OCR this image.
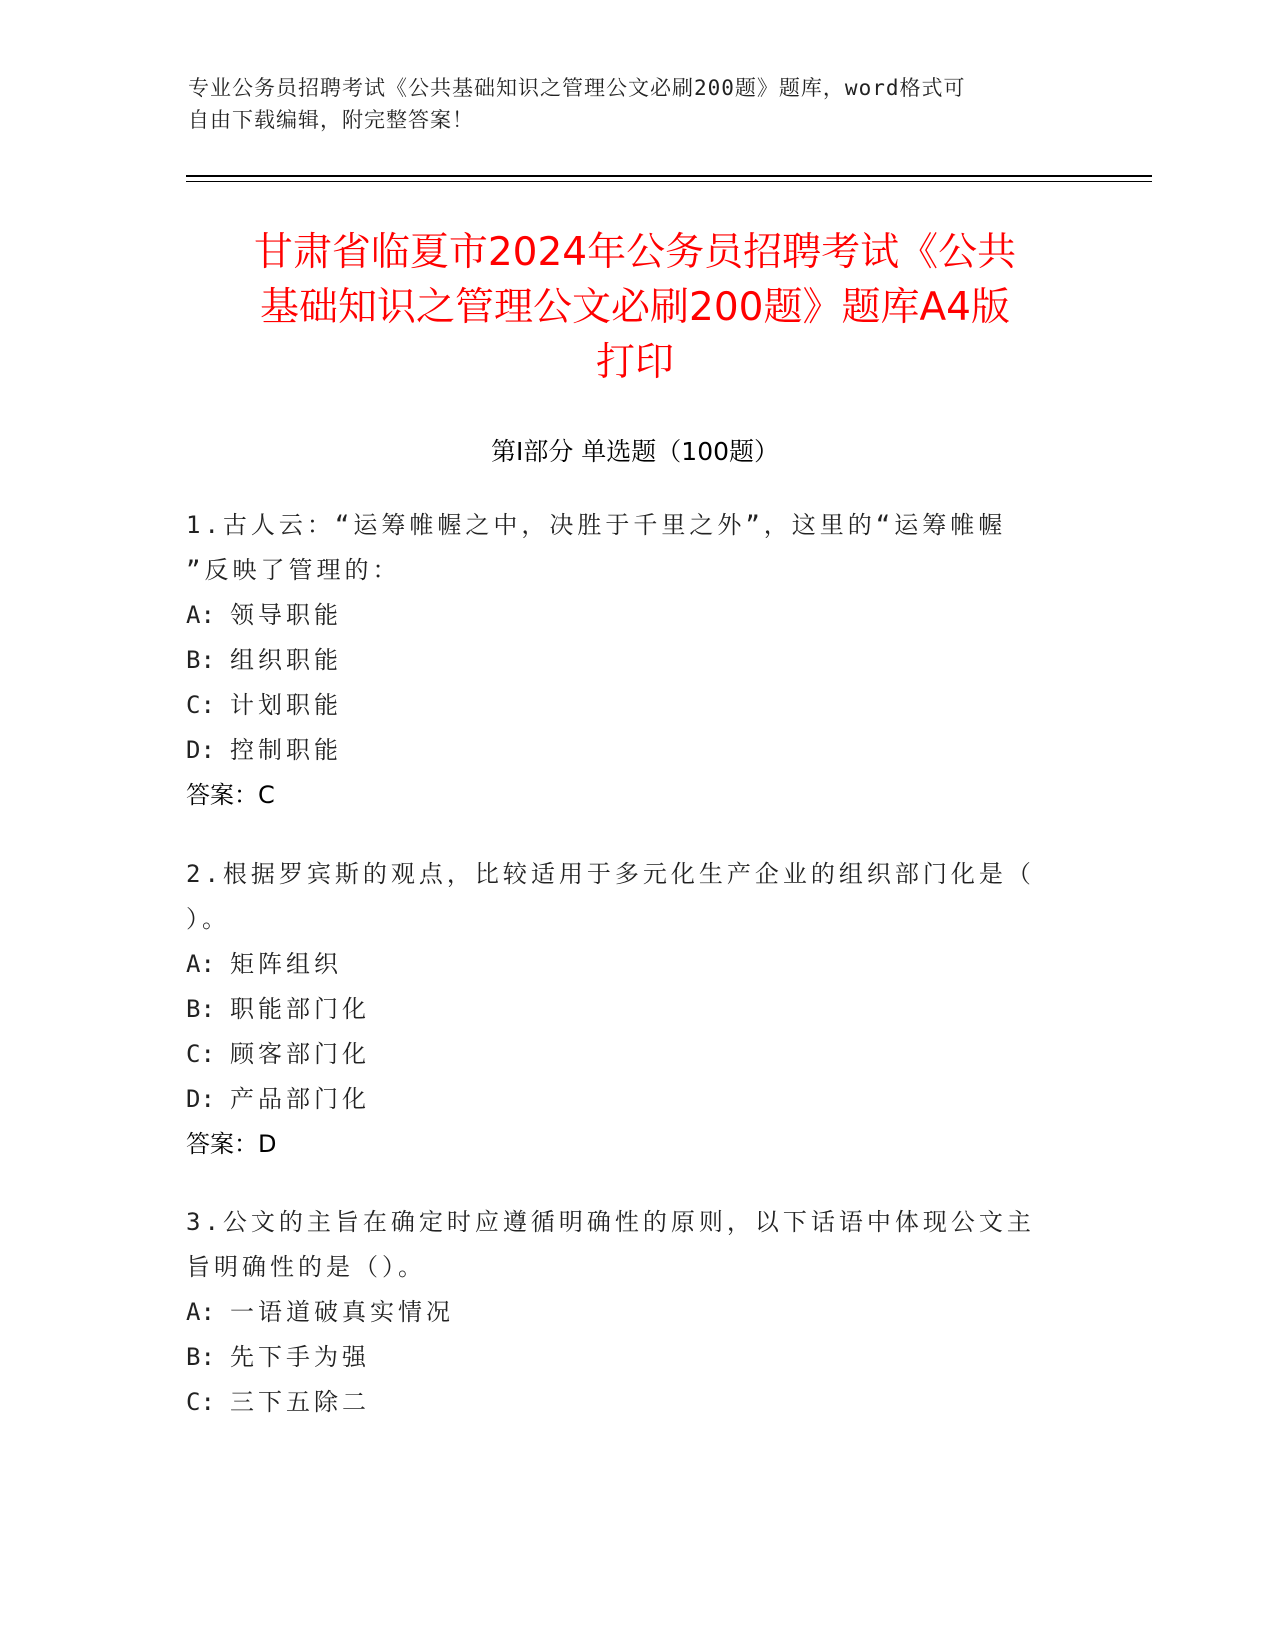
专业公务员招聘考试《公共基础知识之管理公文必刷200题》题库，word格式可
自由下载编辑，附完整答案！
甘肃省临夏市2024年公务员招聘考试《公共
基础知识之管理公文必刷200题》题库A4版
打印
第I部分 单选题（100题）
1.古人云：“运筹帷幄之中，决胜于千里之外”，这里的“运筹帷幄
”反映了管理的：
A: 领导职能
B: 组织职能
C: 计划职能
D: 控制职能
答案：C
2.根据罗宾斯的观点，比较适用于多元化生产企业的组织部门化是（
）。
A: 矩阵组织
B: 职能部门化
C: 顾客部门化
D: 产品部门化
答案：D
3.公文的主旨在确定时应遵循明确性的原则，以下话语中体现公文主
旨明确性的是（）。
A: 一语道破真实情况
B: 先下手为强
C: 三下五除二
